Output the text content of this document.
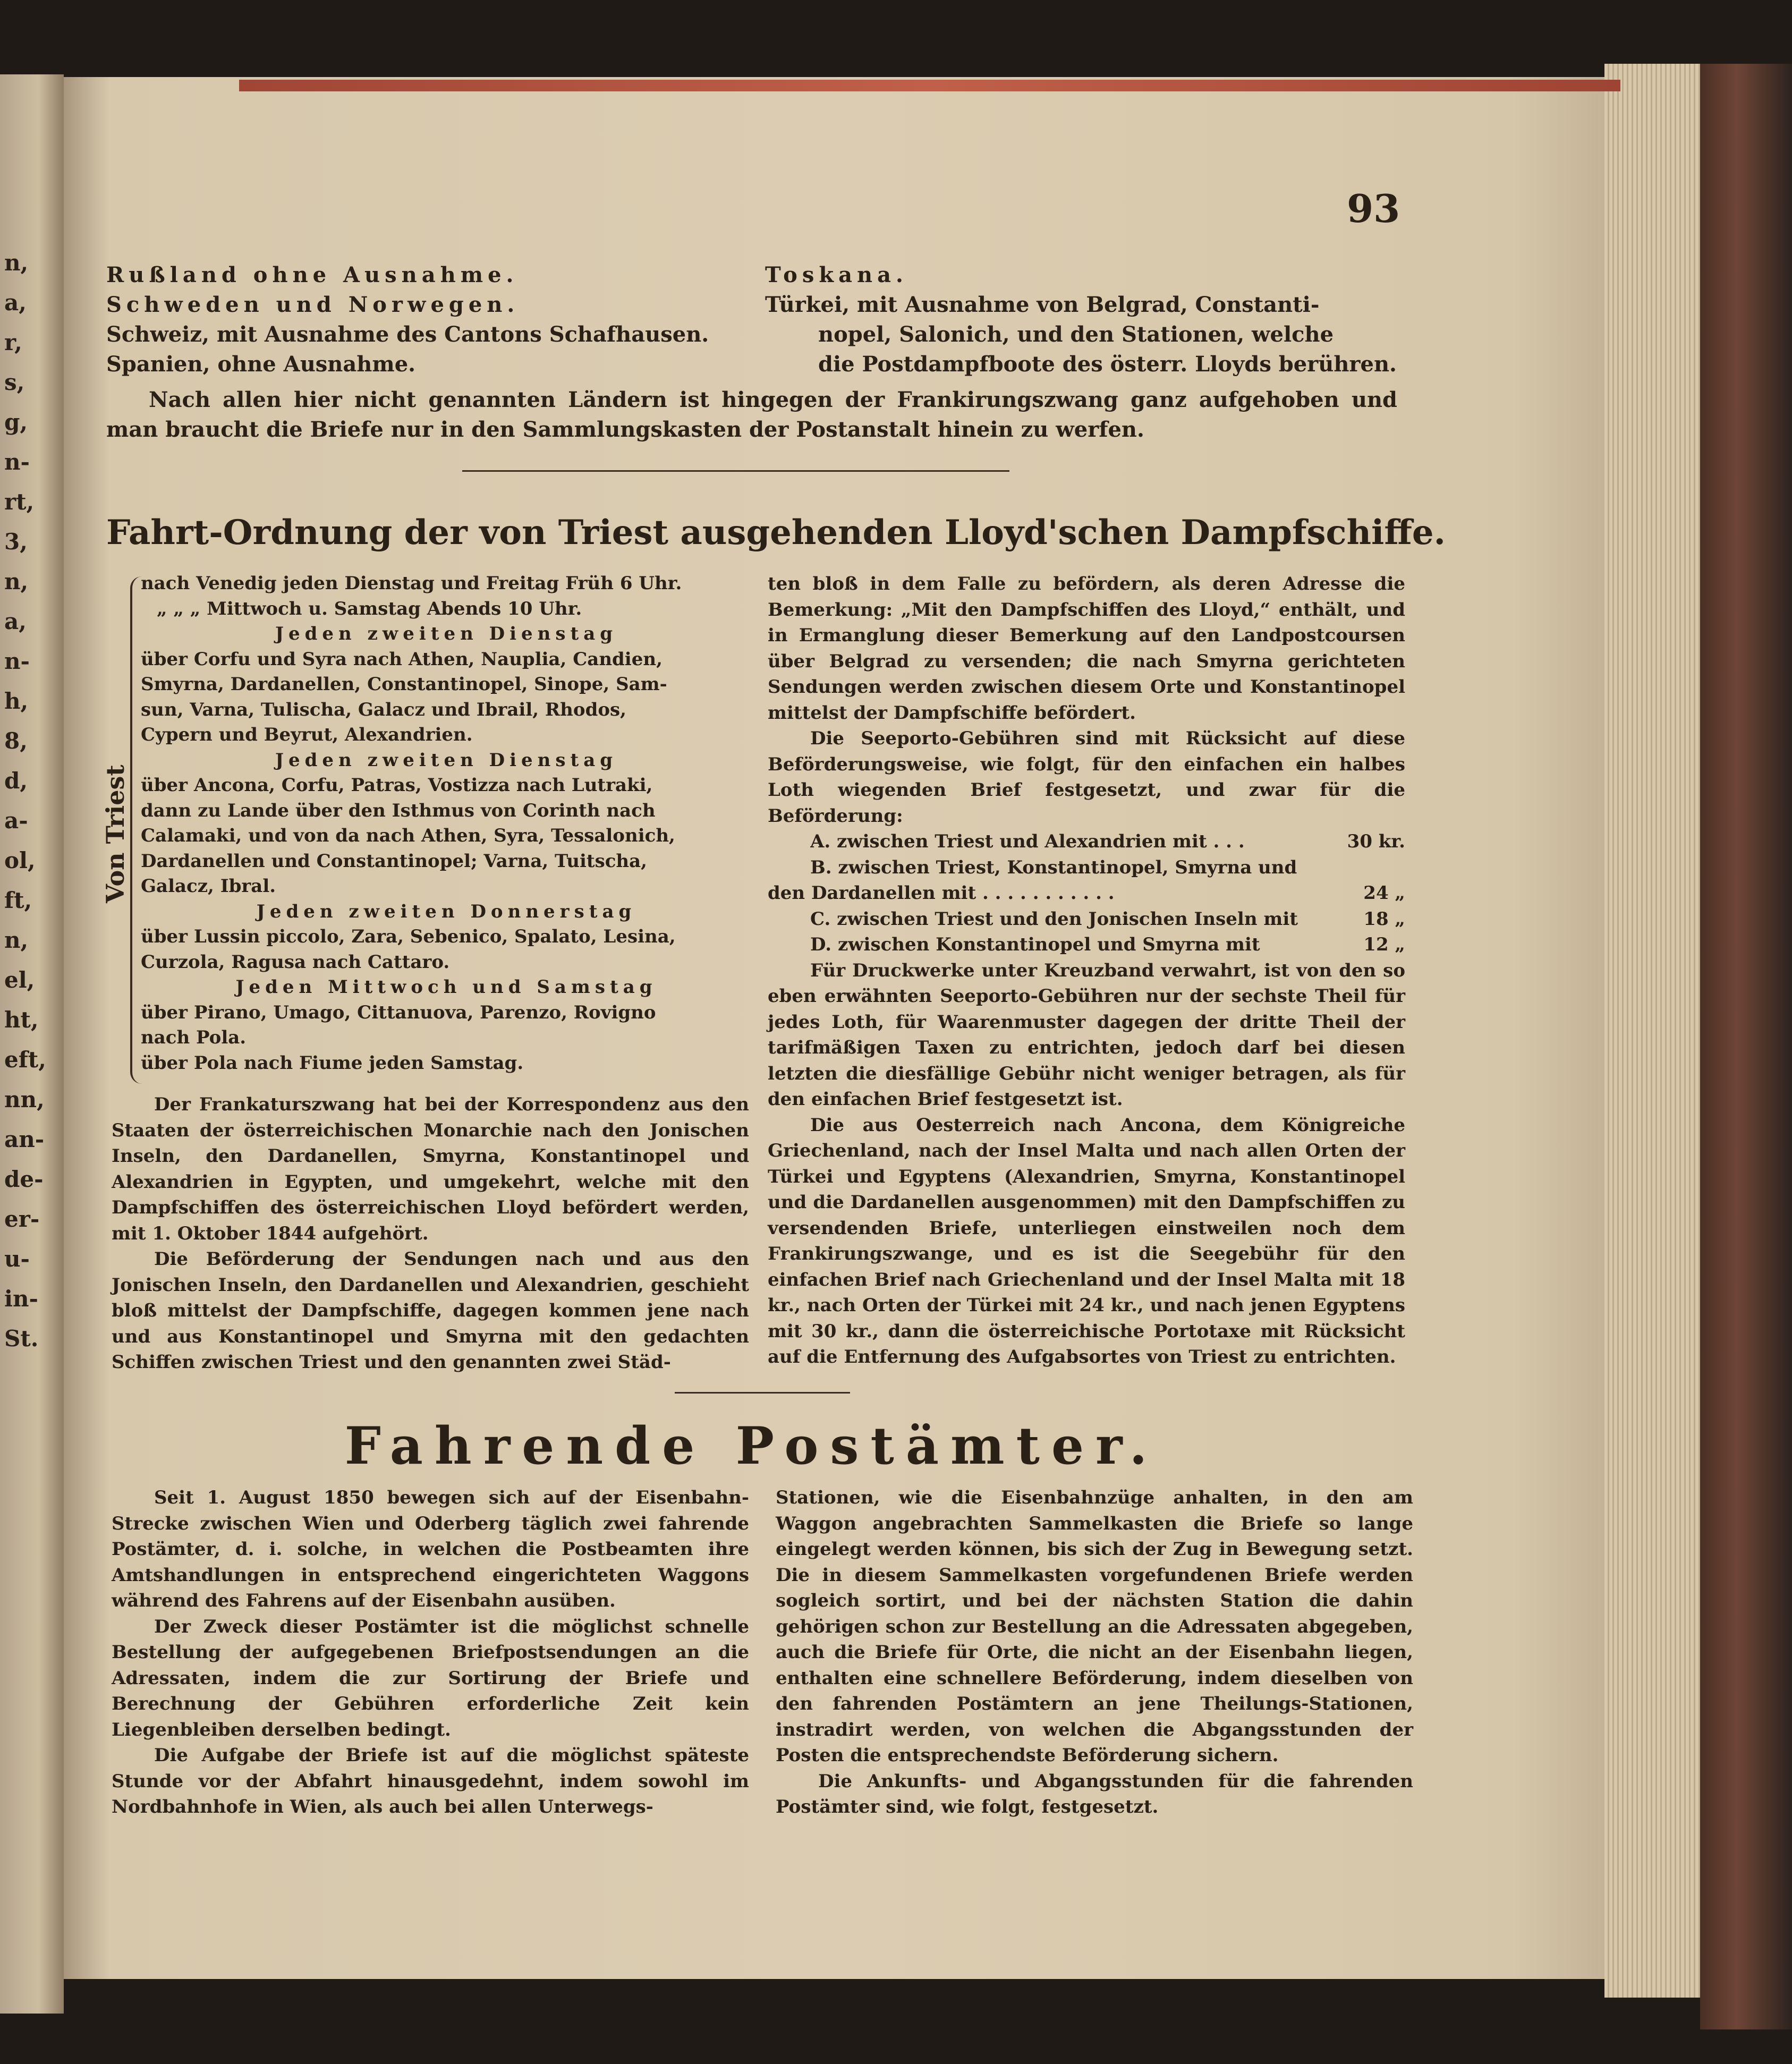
n,
a,
r,
s,
g,
n-
rt,
3,
n,
a,
n-
h,
8,
d,
a-
ol,
ft,
n,
el,
ht,
eft,
nn,
an-
de-
er-
u-
in-
St.
93
Rußland ohne Ausnahme.
Schweden und Norwegen.
Schweiz, mit Ausnahme des Cantons Schafhausen.
Spanien, ohne Ausnahme.
Toskana.
Türkei, mit Ausnahme von Belgrad, Constanti-
nopel, Salonich, und den Stationen, welche
die Postdampfboote des österr. Lloyds berühren.
Nach allen hier nicht genannten Ländern ist hingegen der Frankirungszwang ganz aufgehoben und man braucht die Briefe nur in den Sammlungskasten der Postanstalt hinein zu werfen.
Fahrt-Ordnung der von Triest ausgehenden Lloyd'schen Dampfschiffe.
Von Triest
nach Venedig jeden Dienstag und Freitag Früh 6 Uhr.
„ „ „ Mittwoch u. Samstag Abends 10 Uhr.
Jeden zweiten Dienstag
über Corfu und Syra nach Athen, Nauplia, Candien,
Smyrna, Dardanellen, Constantinopel, Sinope, Sam-
sun, Varna, Tulischa, Galacz und Ibrail, Rhodos,
Cypern und Beyrut, Alexandrien.
Jeden zweiten Dienstag
über Ancona, Corfu, Patras, Vostizza nach Lutraki,
dann zu Lande über den Isthmus von Corinth nach
Calamaki, und von da nach Athen, Syra, Tessalonich,
Dardanellen und Constantinopel; Varna, Tuitscha,
Galacz, Ibral.
Jeden zweiten Donnerstag
über Lussin piccolo, Zara, Sebenico, Spalato, Lesina,
Curzola, Ragusa nach Cattaro.
Jeden Mittwoch und Samstag
über Pirano, Umago, Cittanuova, Parenzo, Rovigno
nach Pola.
über Pola nach Fiume jeden Samstag.

Der Frankaturszwang hat bei der Korrespondenz aus den Staaten der österreichischen Monarchie nach den Jonischen Inseln, den Dardanellen, Smyrna, Konstantinopel und Alexandrien in Egypten, und umgekehrt, welche mit den Dampfschiffen des österreichischen Lloyd befördert werden, mit 1. Oktober 1844 aufgehört.

Die Beförderung der Sendungen nach und aus den Jonischen Inseln, den Dardanellen und Alexandrien, geschieht bloß mittelst der Dampfschiffe, dagegen kommen jene nach und aus Konstantinopel und Smyrna mit den gedachten Schiffen zwischen Triest und den genannten zwei Städ-

ten bloß in dem Falle zu befördern, als deren Adresse die Bemerkung: „Mit den Dampfschiffen des Lloyd,“ enthält, und in Ermanglung dieser Bemerkung auf den Landpostcoursen über Belgrad zu versenden; die nach Smyrna gerichteten Sendungen werden zwischen diesem Orte und Konstantinopel mittelst der Dampfschiffe befördert.

Die Seeporto-Gebühren sind mit Rücksicht auf diese Beförderungsweise, wie folgt, für den einfachen ein halbes Loth wiegenden Brief festgesetzt, und zwar für die Beförderung:

A. zwischen Triest und Alexandrien mit . . .	30 kr.
B. zwischen Triest, Konstantinopel, Smyrna und
den Dardanellen mit . . . . . . . . . . .	24 „
C. zwischen Triest und den Jonischen Inseln mit	18 „
D. zwischen Konstantinopel und Smyrna mit	12 „

Für Druckwerke unter Kreuzband verwahrt, ist von den so eben erwähnten Seeporto-Gebühren nur der sechste Theil für jedes Loth, für Waarenmuster dagegen der dritte Theil der tarifmäßigen Taxen zu entrichten, jedoch darf bei diesen letzten die diesfällige Gebühr nicht weniger betragen, als für den einfachen Brief festgesetzt ist.

Die aus Oesterreich nach Ancona, dem Königreiche Griechenland, nach der Insel Malta und nach allen Orten der Türkei und Egyptens (Alexandrien, Smyrna, Konstantinopel und die Dardanellen ausgenommen) mit den Dampfschiffen zu versendenden Briefe, unterliegen einstweilen noch dem Frankirungszwange, und es ist die Seegebühr für den einfachen Brief nach Griechenland und der Insel Malta mit 18 kr., nach Orten der Türkei mit 24 kr., und nach jenen Egyptens mit 30 kr., dann die österreichische Portotaxe mit Rücksicht auf die Entfernung des Aufgabsortes von Triest zu entrichten.

Fahrende Postämter.

Seit 1. August 1850 bewegen sich auf der Eisenbahn-Strecke zwischen Wien und Oderberg täglich zwei fahrende Postämter, d. i. solche, in welchen die Postbeamten ihre Amtshandlungen in entsprechend eingerichteten Waggons während des Fahrens auf der Eisenbahn ausüben.

Der Zweck dieser Postämter ist die möglichst schnelle Bestellung der aufgegebenen Briefpostsendungen an die Adressaten, indem die zur Sortirung der Briefe und Berechnung der Gebühren erforderliche Zeit kein Liegenbleiben derselben bedingt.

Die Aufgabe der Briefe ist auf die möglichst späteste Stunde vor der Abfahrt hinausgedehnt, indem sowohl im Nordbahnhofe in Wien, als auch bei allen Unterwegs-

Stationen, wie die Eisenbahnzüge anhalten, in den am Waggon angebrachten Sammelkasten die Briefe so lange eingelegt werden können, bis sich der Zug in Bewegung setzt. Die in diesem Sammelkasten vorgefundenen Briefe werden sogleich sortirt, und bei der nächsten Station die dahin gehörigen schon zur Bestellung an die Adressaten abgegeben, auch die Briefe für Orte, die nicht an der Eisenbahn liegen, enthalten eine schnellere Beförderung, indem dieselben von den fahrenden Postämtern an jene Theilungs-Stationen, instradirt werden, von welchen die Abgangsstunden der Posten die entsprechendste Beförderung sichern.

Die Ankunfts- und Abgangsstunden für die fahrenden Postämter sind, wie folgt, festgesetzt.
